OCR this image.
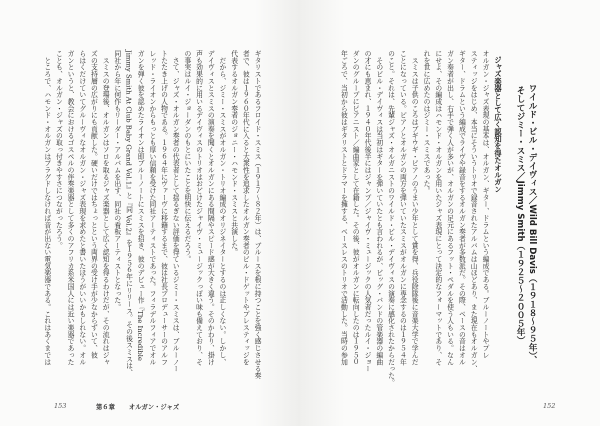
ギタリストであるフロイド・スミス（１９１７〜８２年）は、ブルースを根に持つことを強く感じさせる奏
者で、彼は１９６０年代に入ると大衆性を追求したオルガン奏者のビル・ドゲットやプレスティッジを
代表するオルガン奏者のジョニー・ハモンド・スミスと共演した。
　だから、ジミー・スミスがオルガン・トリオ編成のオリジネイターとするのは正しくない。しかし、
デイヴィスとスミスの演奏を聞くとオルガンにある間隔やスピード感が大きく違う。そのかわり、掛け
声も効果的に用いるデイヴィスのトリオはおどけたジャイヴ・ミュージックっぽい味も備えており、そ
の事実はルイ・ジョーダンのもとにいたことを明快に伝えるだろう。
　さて、ジャズ・オルガン奏者の代表者として揺るぎない評価を得ているジミー・スミスは、ブルーノー
トたたき上げの人物である。１９６４年にヴァーヴに移籍するまで、彼は社長プロデューサーのアルフ
レッド・ライオンからもっとも厚い信頼を受けた同社アーティストであった。フィラデルフィアでオル
ガンを弾く彼を認めたライオンは即ブルーノートにスミスを招き、彼のデビュー作『The Incredible
Jimmy Smith At Club Baby Grand Vol.1』と『同 Vol.2』を１９５６年にリリース。その後スミスは、
同社から年に何作もリーダー・アルバムを出す、同社の看板アーティストとなった。
　スミスの登場後、オルガンはソロを取るジャズ楽器として広く認知を得るわけだが、その流れはジャ
ズの支持層の広がりにも貢献した。硬いだけではちょっとという両界の受け手が少なからずいて、彼
らはくだけていてグルーヴィなオルガン・ジャズ表現を求めたと書いたほうがいいかもしれない。オル
ガンというと、教会におけるゴスペルの伴奏楽器として多くのアフリカ系米国人には近い楽器であった
ことも、オルガン・ジャズの取っ付きやすさにつながったろう。
　ところで、ハモンド・オルガンはプラグドしなければ音が出ない電気楽器である。これはあくまでは
153	第６章 オルガン・ジャズ
ワイルド・ビル・デイヴィス／Wild Bill Davis（１９１８〜９５年）、
そしてジミー・スミス／Jimmy Smith（１９２５〜２００５年）
ジャズ楽器として広く認知を得たオルガン
オルガン・ジャズ表現の基本は、オルガン、ギター、ドラムという編成である。ブルーノートやプレ
スティッジをはじめ、本当にそういうトリオで録音されたアルバムは山ほどあり、また現在もオルガン、
ギター、ドラムという編成でライヴや録音をするオルガン奏者が多数派だ。その際、ベースの音はオル
ガン奏者が出し、右手で弾く人が多いが、オルガンの足元にあるフット・ペダルを使う人もいる。なん
にせよ、その編成はハモンド・オルガンを用いたジャズ表現にとって決定的なフォーマットであり、そ
れを世に広めたのはジミー・スミスであった。
　スミスは子供のころはブギウギ・ピアノのうまい少年として賞を得、兵役除隊後に音楽大学で学んだ
ことになっている。ピアノとオルガンの両方を弾いていたスミスがオルガンに専念するのは１９５４年
のこと。それは、先輩ジャズ・オルガニストのワイルド・ビル・デイヴィスの演奏に感化されたからだった。
　そのビル・デイヴィスは当初はギターを弾いていたとも言われるが、ビッグ・バンドの管楽器の編曲
の才にも恵まれ、１９４０年代後半にはジャンプ／ジャイヴ・ミュージックの人気者だったルイ・ジョー
ダンのグループにピアニスト／編曲家として在籍した。その後、彼がオルガンに転向したのは１９５０
年ごろで、当初から彼はギタリストとドラマーを擁する、ベースレスのトリオで活動した。当時の参加
152
